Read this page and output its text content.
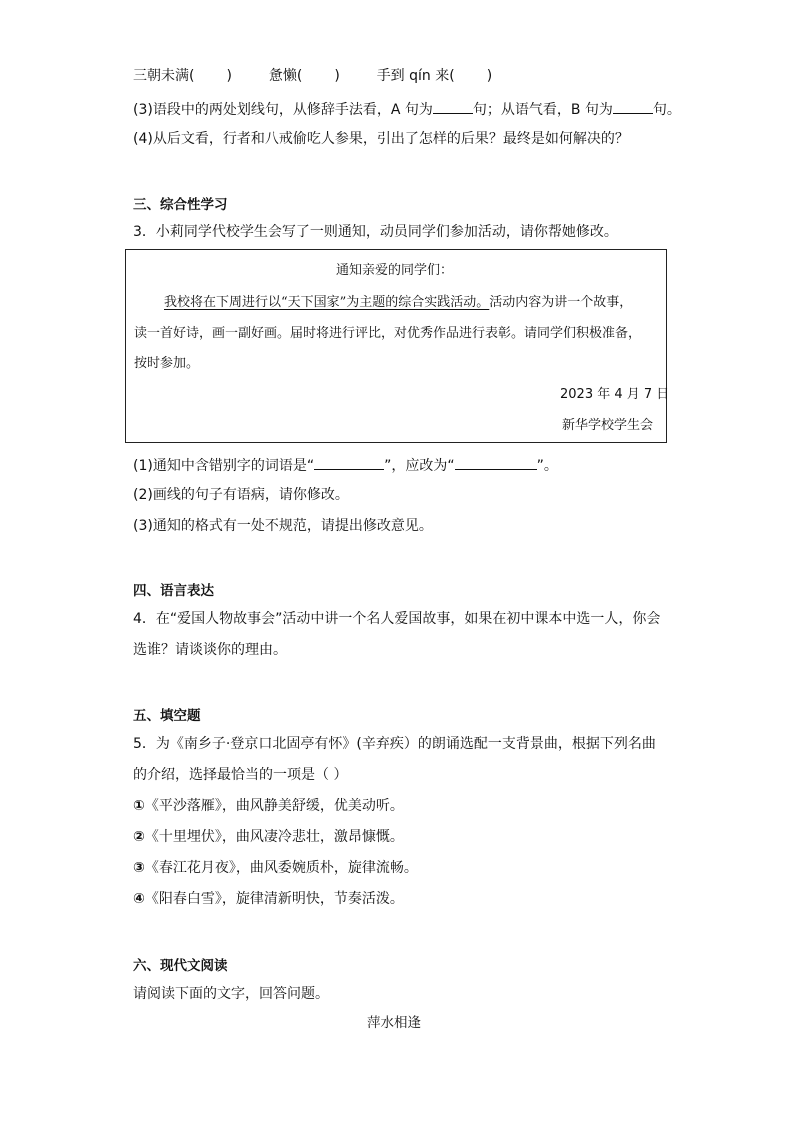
三朝未满( )	惫懒( )	手到 qín 来( )
(3)语段中的两处划线句，从修辞手法看，A 句为	句；从语气看，B 句为	句。
(4)从后文看，行者和八戒偷吃人参果，引出了怎样的后果？最终是如何解决的？
三、综合性学习
3．小莉同学代校学生会写了一则通知，动员同学们参加活动，请你帮她修改。
通知亲爱的同学们：
我校将在下周进行以“天下国家”为主题的综合实践活动。活动内容为讲一个故事，
读一首好诗，画一副好画。届时将进行评比，对优秀作品进行表彰。请同学们积极准备，
按时参加。
2023 年 4 月 7 日
新华学校学生会
(1)通知中含错别字的词语是“	”，应改为“	”。
(2)画线的句子有语病，请你修改。
(3)通知的格式有一处不规范，请提出修改意见。
四、语言表达
4．在“爱国人物故事会”活动中讲一个名人爱国故事，如果在初中课本中选一人，你会
选谁？请谈谈你的理由。
五、填空题
5．为《南乡子·登京口北固亭有怀》(辛弃疾）的朗诵选配一支背景曲，根据下列名曲
的介绍，选择最恰当的一项是（ ）
①《平沙落雁》，曲风静美舒缓，优美动听。
②《十里埋伏》，曲风凄冷悲壮，激昂慷慨。
③《春江花月夜》，曲风委婉质朴，旋律流畅。
④《阳春白雪》，旋律清新明快，节奏活泼。
六、现代文阅读
请阅读下面的文字，回答问题。
萍水相逢
